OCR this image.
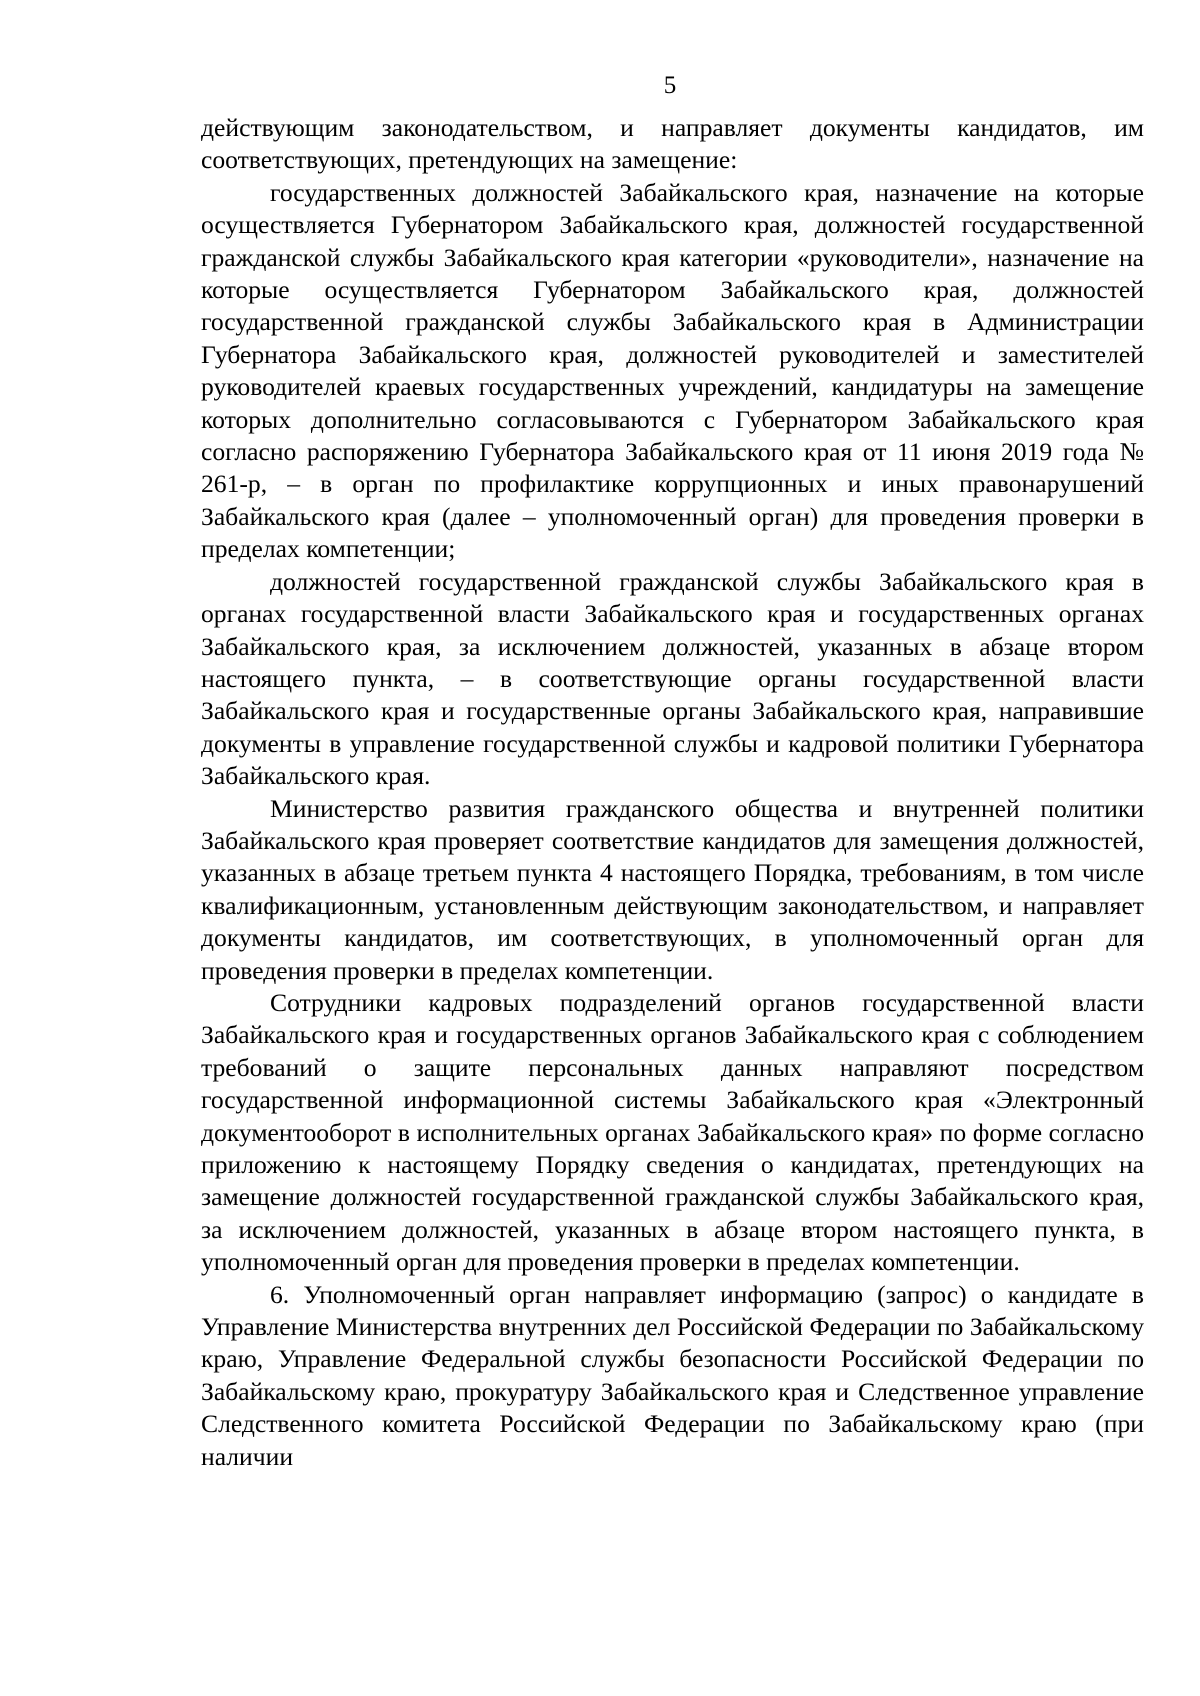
5

действующим законодательством, и направляет документы кандидатов, им соответствующих, претендующих на замещение:

государственных должностей Забайкальского края, назначение на которые осуществляется Губернатором Забайкальского края, должностей государственной гражданской службы Забайкальского края категории «руководители», назначение на которые осуществляется Губернатором Забайкальского края, должностей государственной гражданской службы Забайкальского края в Администрации Губернатора Забайкальского края, должностей руководителей и заместителей руководителей краевых государственных учреждений, кандидатуры на замещение которых дополнительно согласовываются с Губернатором Забайкальского края согласно распоряжению Губернатора Забайкальского края от 11 июня 2019 года № 261-р, – в орган по профилактике коррупционных и иных правонарушений Забайкальского края (далее – уполномоченный орган) для проведения проверки в пределах компетенции;

должностей государственной гражданской службы Забайкальского края в органах государственной власти Забайкальского края и государственных органах Забайкальского края, за исключением должностей, указанных в абзаце втором настоящего пункта, – в соответствующие органы государственной власти Забайкальского края и государственные органы Забайкальского края, направившие документы в управление государственной службы и кадровой политики Губернатора Забайкальского края.

Министерство развития гражданского общества и внутренней политики Забайкальского края проверяет соответствие кандидатов для замещения должностей, указанных в абзаце третьем пункта 4 настоящего Порядка, требованиям, в том числе квалификационным, установленным действующим законодательством, и направляет документы кандидатов, им соответствующих, в уполномоченный орган для проведения проверки в пределах компетенции.

Сотрудники кадровых подразделений органов государственной власти Забайкальского края и государственных органов Забайкальского края с соблюдением требований о защите персональных данных направляют посредством государственной информационной системы Забайкальского края «Электронный документооборот в исполнительных органах Забайкальского края» по форме согласно приложению к настоящему Порядку сведения о кандидатах, претендующих на замещение должностей государственной гражданской службы Забайкальского края, за исключением должностей, указанных в абзаце втором настоящего пункта, в уполномоченный орган для проведения проверки в пределах компетенции.

6. Уполномоченный орган направляет информацию (запрос) о кандидате в Управление Министерства внутренних дел Российской Федерации по Забайкальскому краю, Управление Федеральной службы безопасности Российской Федерации по Забайкальскому краю, прокуратуру Забайкальского края и Следственное управление Следственного комитета Российской Федерации по Забайкальскому краю (при наличии
